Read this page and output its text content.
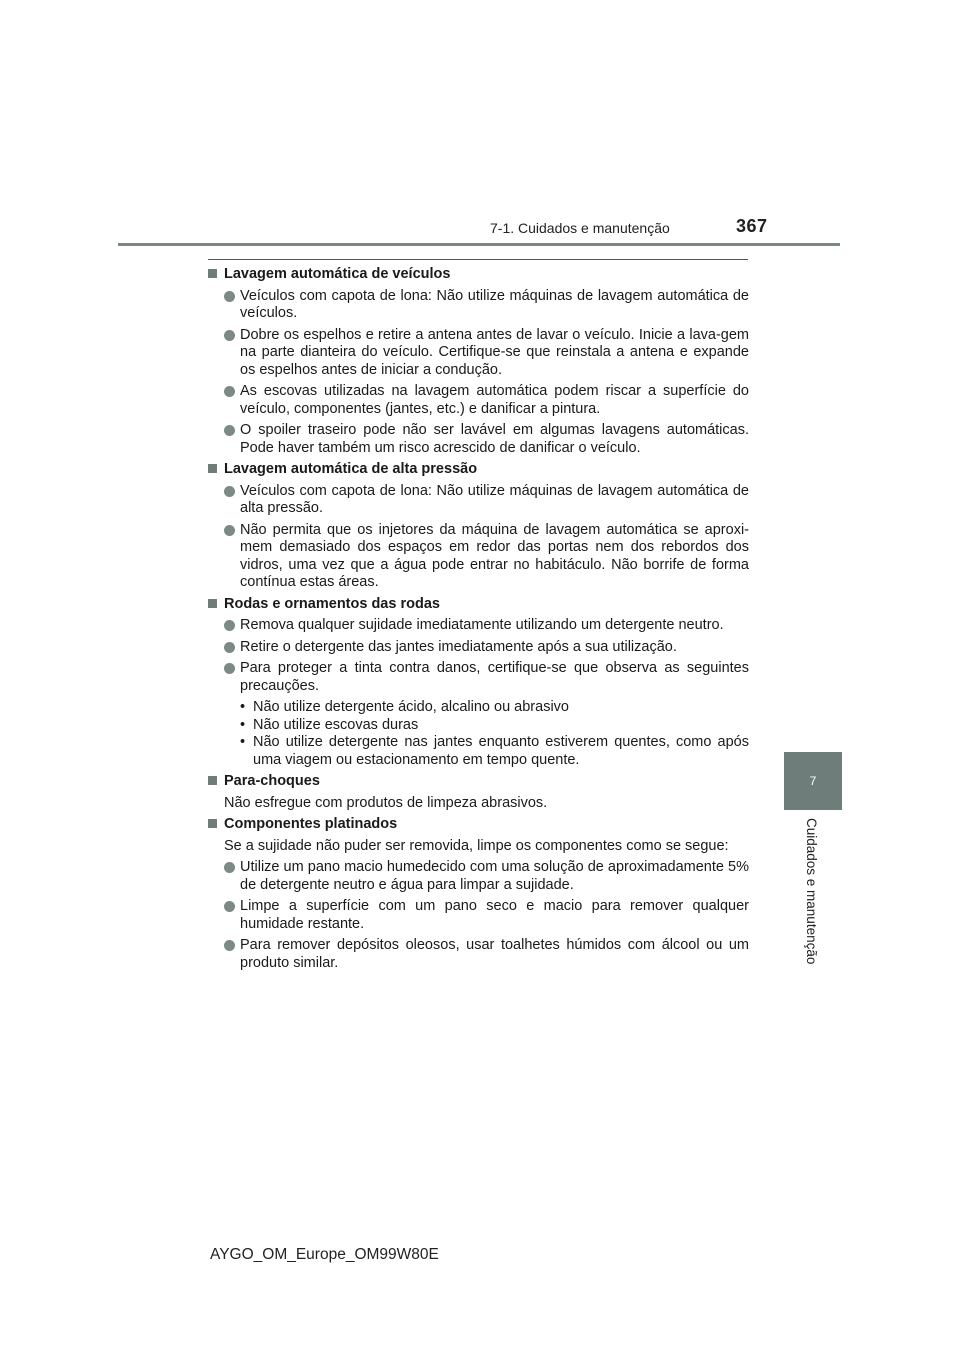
7-1. Cuidados e manutenção	367
7
Cuidados e manutenção
Lavagem automática de veículos
Veículos com capota de lona: Não utilize máquinas de lavagem automática de veículos.
Dobre os espelhos e retire a antena antes de lavar o veículo. Inicie a lava-gem na parte dianteira do veículo. Certifique-se que reinstala a antena e expande os espelhos antes de iniciar a condução.
As escovas utilizadas na lavagem automática podem riscar a superfície do veículo, componentes (jantes, etc.) e danificar a pintura.
O spoiler traseiro pode não ser lavável em algumas lavagens automáticas. Pode haver também um risco acrescido de danificar o veículo.
Lavagem automática de alta pressão
Veículos com capota de lona: Não utilize máquinas de lavagem automática de alta pressão.
Não permita que os injetores da máquina de lavagem automática se aproxi-mem demasiado dos espaços em redor das portas nem dos rebordos dos vidros, uma vez que a água pode entrar no habitáculo. Não borrife de forma contínua estas áreas.
Rodas e ornamentos das rodas
Remova qualquer sujidade imediatamente utilizando um detergente neutro.
Retire o detergente das jantes imediatamente após a sua utilização.
Para proteger a tinta contra danos, certifique-se que observa as seguintes precauções.
• Não utilize detergente ácido, alcalino ou abrasivo
• Não utilize escovas duras
• Não utilize detergente nas jantes enquanto estiverem quentes, como após uma viagem ou estacionamento em tempo quente.
Para-choques
Não esfregue com produtos de limpeza abrasivos.
Componentes platinados
Se a sujidade não puder ser removida, limpe os componentes como se segue:
Utilize um pano macio humedecido com uma solução de aproximadamente 5% de detergente neutro e água para limpar a sujidade.
Limpe a superfície com um pano seco e macio para remover qualquer humidade restante.
Para remover depósitos oleosos, usar toalhetes húmidos com álcool ou um produto similar.
AYGO_OM_Europe_OM99W80E
